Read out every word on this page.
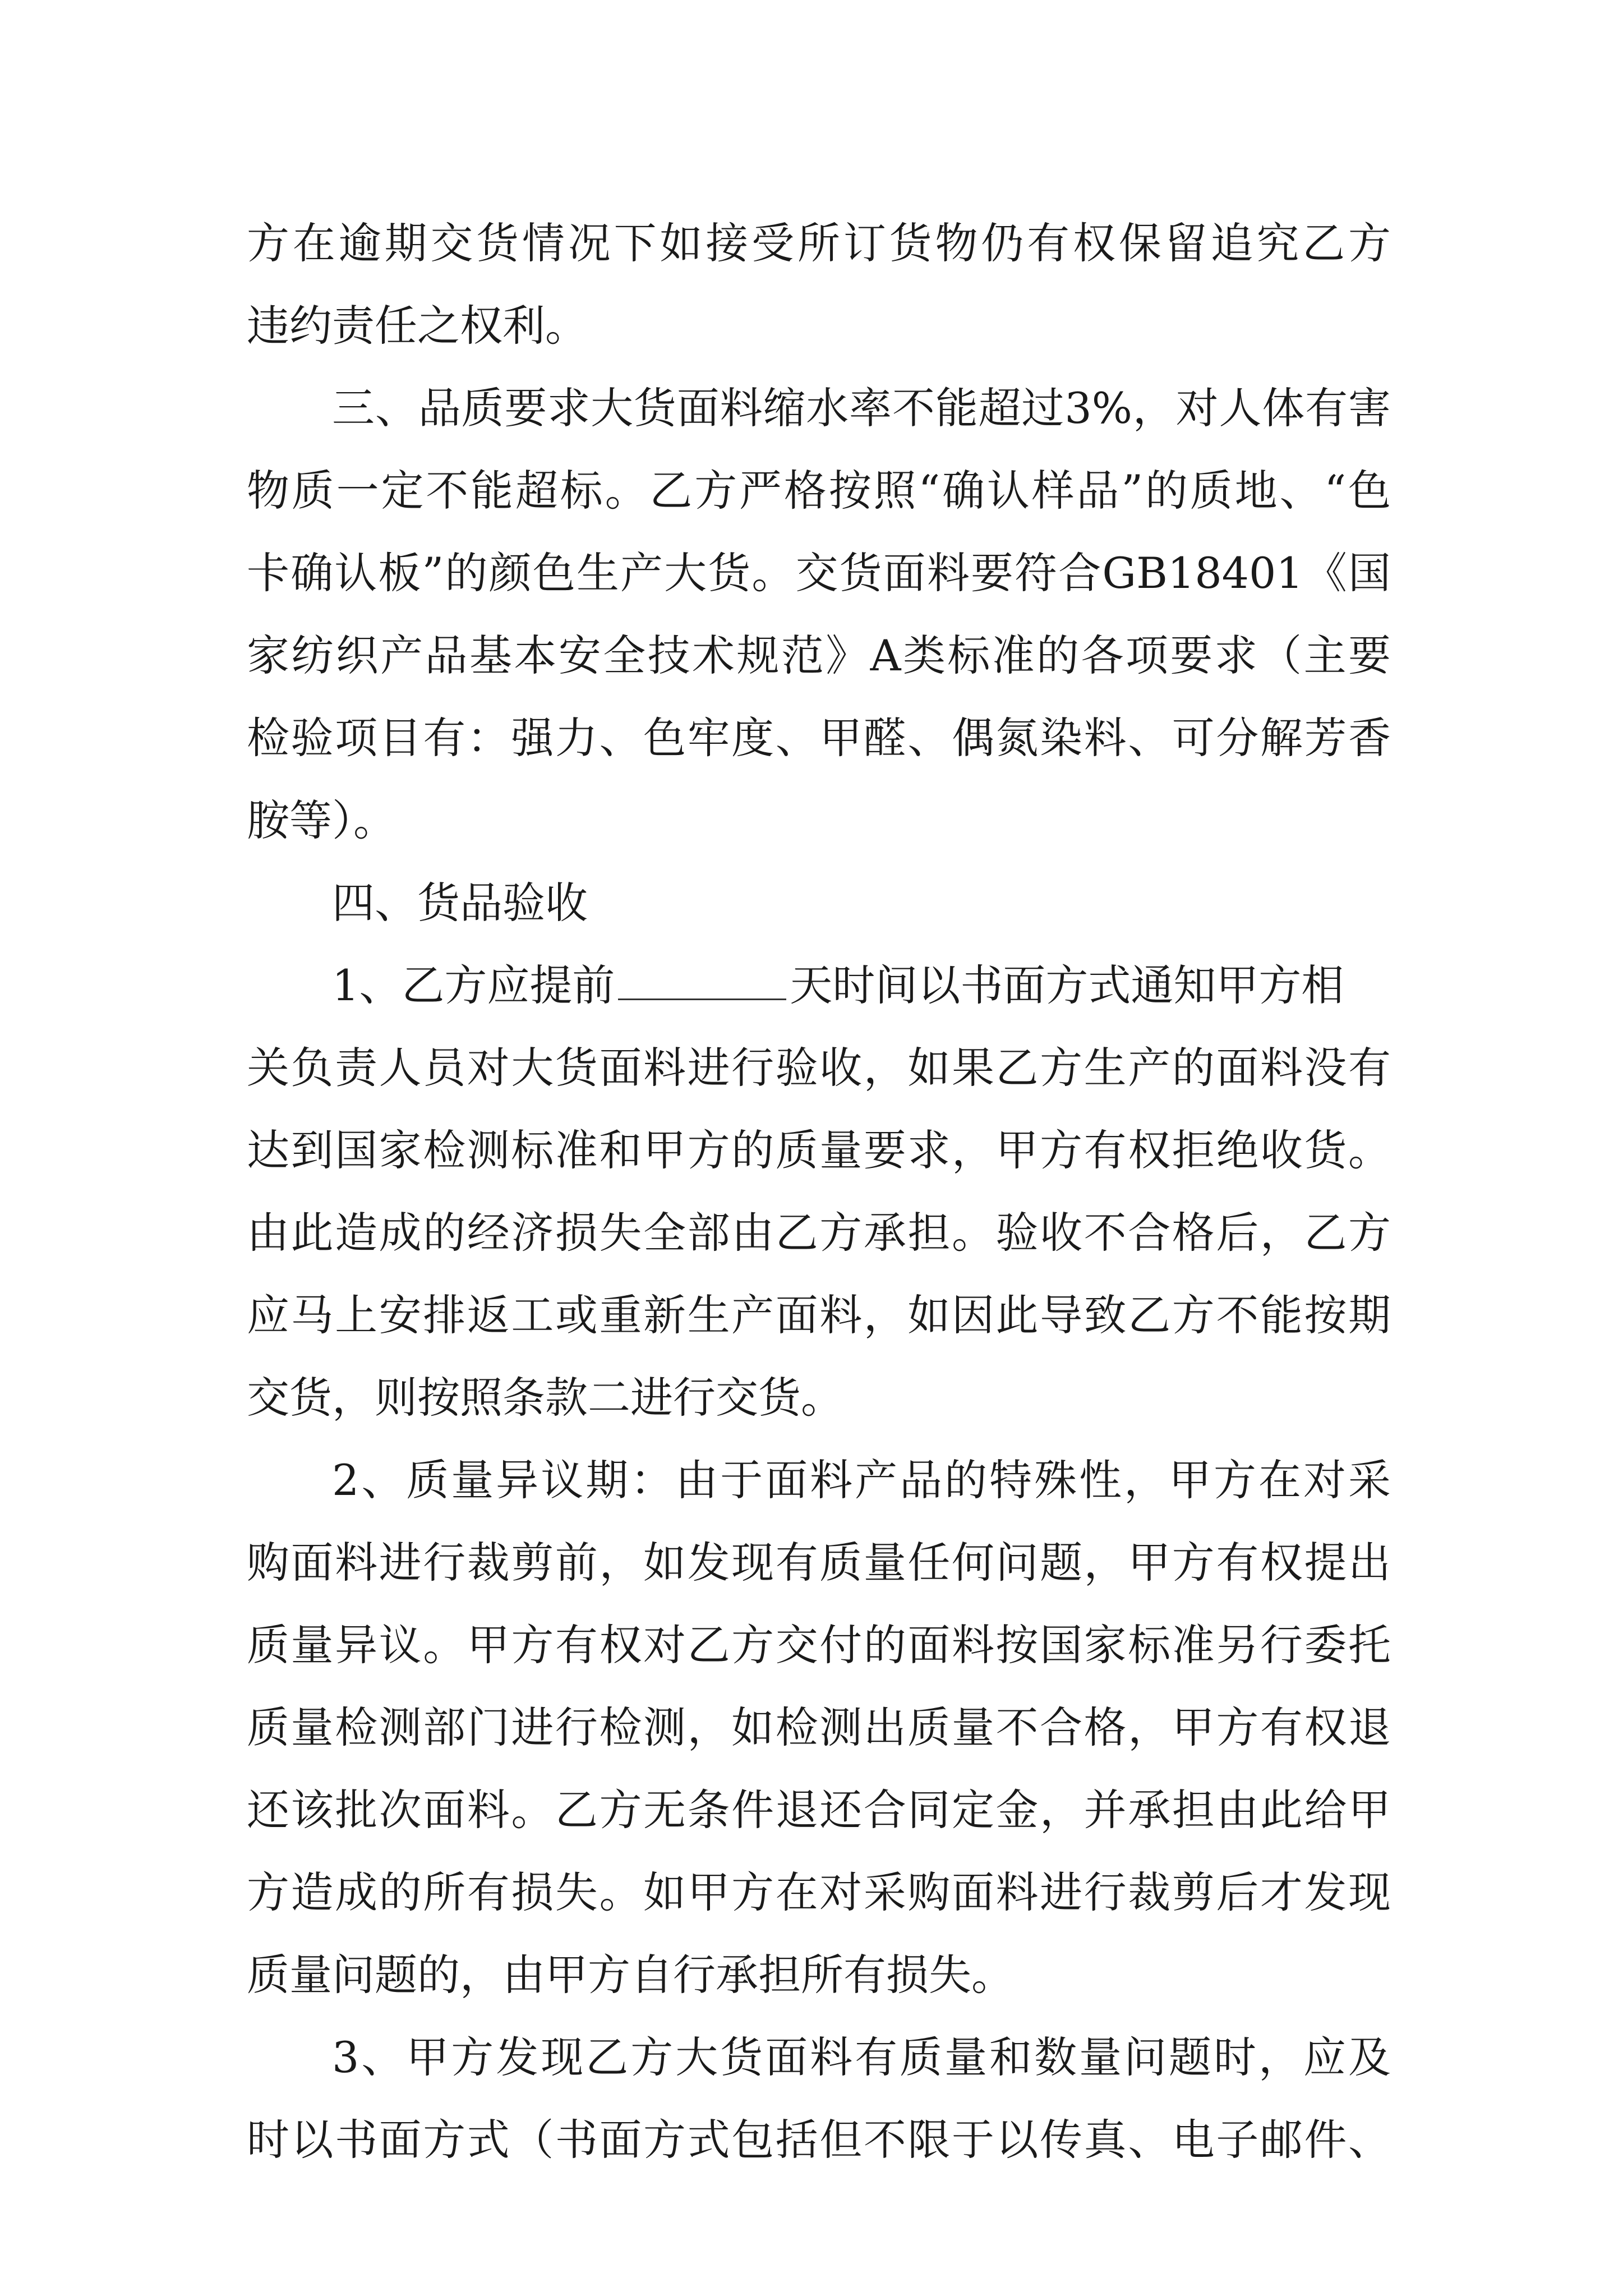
方在逾期交货情况下如接受所订货物仍有权保留追究乙方
违约责任之权利。
三、品质要求大货面料缩水率不能超过3%，对人体有害
物质一定不能超标。乙方严格按照“确认样品”的质地、“色
卡确认板”的颜色生产大货。交货面料要符合GB18401《国
家纺织产品基本安全技术规范》A类标准的各项要求（主要
检验项目有：强力、色牢度、甲醛、偶氮染料、可分解芳香
胺等）。
四、货品验收
1、乙方应提前	天时间以书面方式通知甲方相
关负责人员对大货面料进行验收，如果乙方生产的面料没有
达到国家检测标准和甲方的质量要求，甲方有权拒绝收货。
由此造成的经济损失全部由乙方承担。验收不合格后，乙方
应马上安排返工或重新生产面料，如因此导致乙方不能按期
交货，则按照条款二进行交货。
2、质量异议期：由于面料产品的特殊性，甲方在对采
购面料进行裁剪前，如发现有质量任何问题，甲方有权提出
质量异议。甲方有权对乙方交付的面料按国家标准另行委托
质量检测部门进行检测，如检测出质量不合格，甲方有权退
还该批次面料。乙方无条件退还合同定金，并承担由此给甲
方造成的所有损失。如甲方在对采购面料进行裁剪后才发现
质量问题的，由甲方自行承担所有损失。
3、甲方发现乙方大货面料有质量和数量问题时，应及
时以书面方式（书面方式包括但不限于以传真、电子邮件、
